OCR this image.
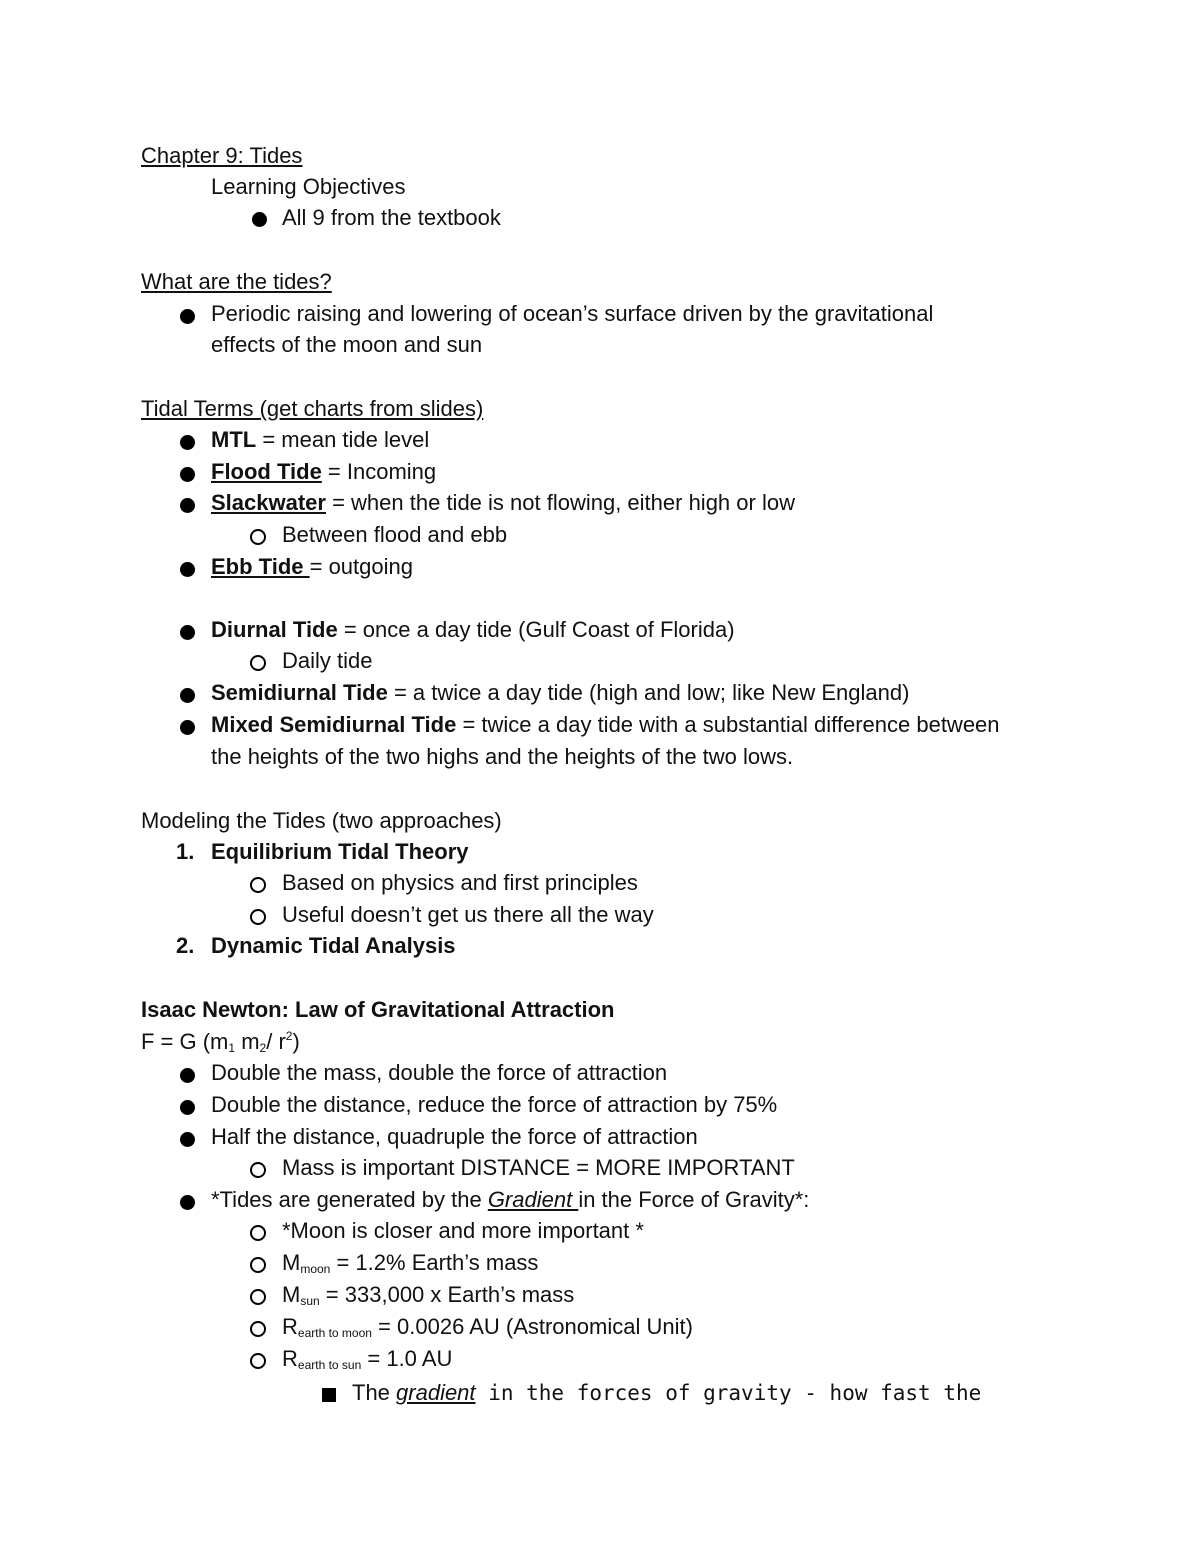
Chapter 9: Tides
Learning Objectives
All 9 from the textbook
What are the tides?
Periodic raising and lowering of ocean’s surface driven by the gravitational
effects of the moon and sun
Tidal Terms (get charts from slides)
MTL = mean tide level
Flood Tide = Incoming
Slackwater = when the tide is not flowing, either high or low
Between flood and ebb
Ebb Tide = outgoing
Diurnal Tide = once a day tide (Gulf Coast of Florida)
Daily tide
Semidiurnal Tide = a twice a day tide (high and low; like New England)
Mixed Semidiurnal Tide = twice a day tide with a substantial difference between
the heights of the two highs and the heights of the two lows.
Modeling the Tides (two approaches)
1. Equilibrium Tidal Theory
Based on physics and first principles
Useful doesn’t get us there all the way
2. Dynamic Tidal Analysis
Isaac Newton: Law of Gravitational Attraction
F = G (m1 m2/ $r^2$)
Double the mass, double the force of attraction
Double the distance, reduce the force of attraction by 75%
Half the distance, quadruple the force of attraction
Mass is important DISTANCE = MORE IMPORTANT
*Tides are generated by the Gradient in the Force of Gravity*:
*Moon is closer and more important *
Mmoon = 1.2% Earth’s mass
Msun = 333,000 x Earth’s mass
Rearth to moon = 0.0026 AU (Astronomical Unit)
Rearth to sun = 1.0 AU
The gradient in the forces of gravity - how fast the
